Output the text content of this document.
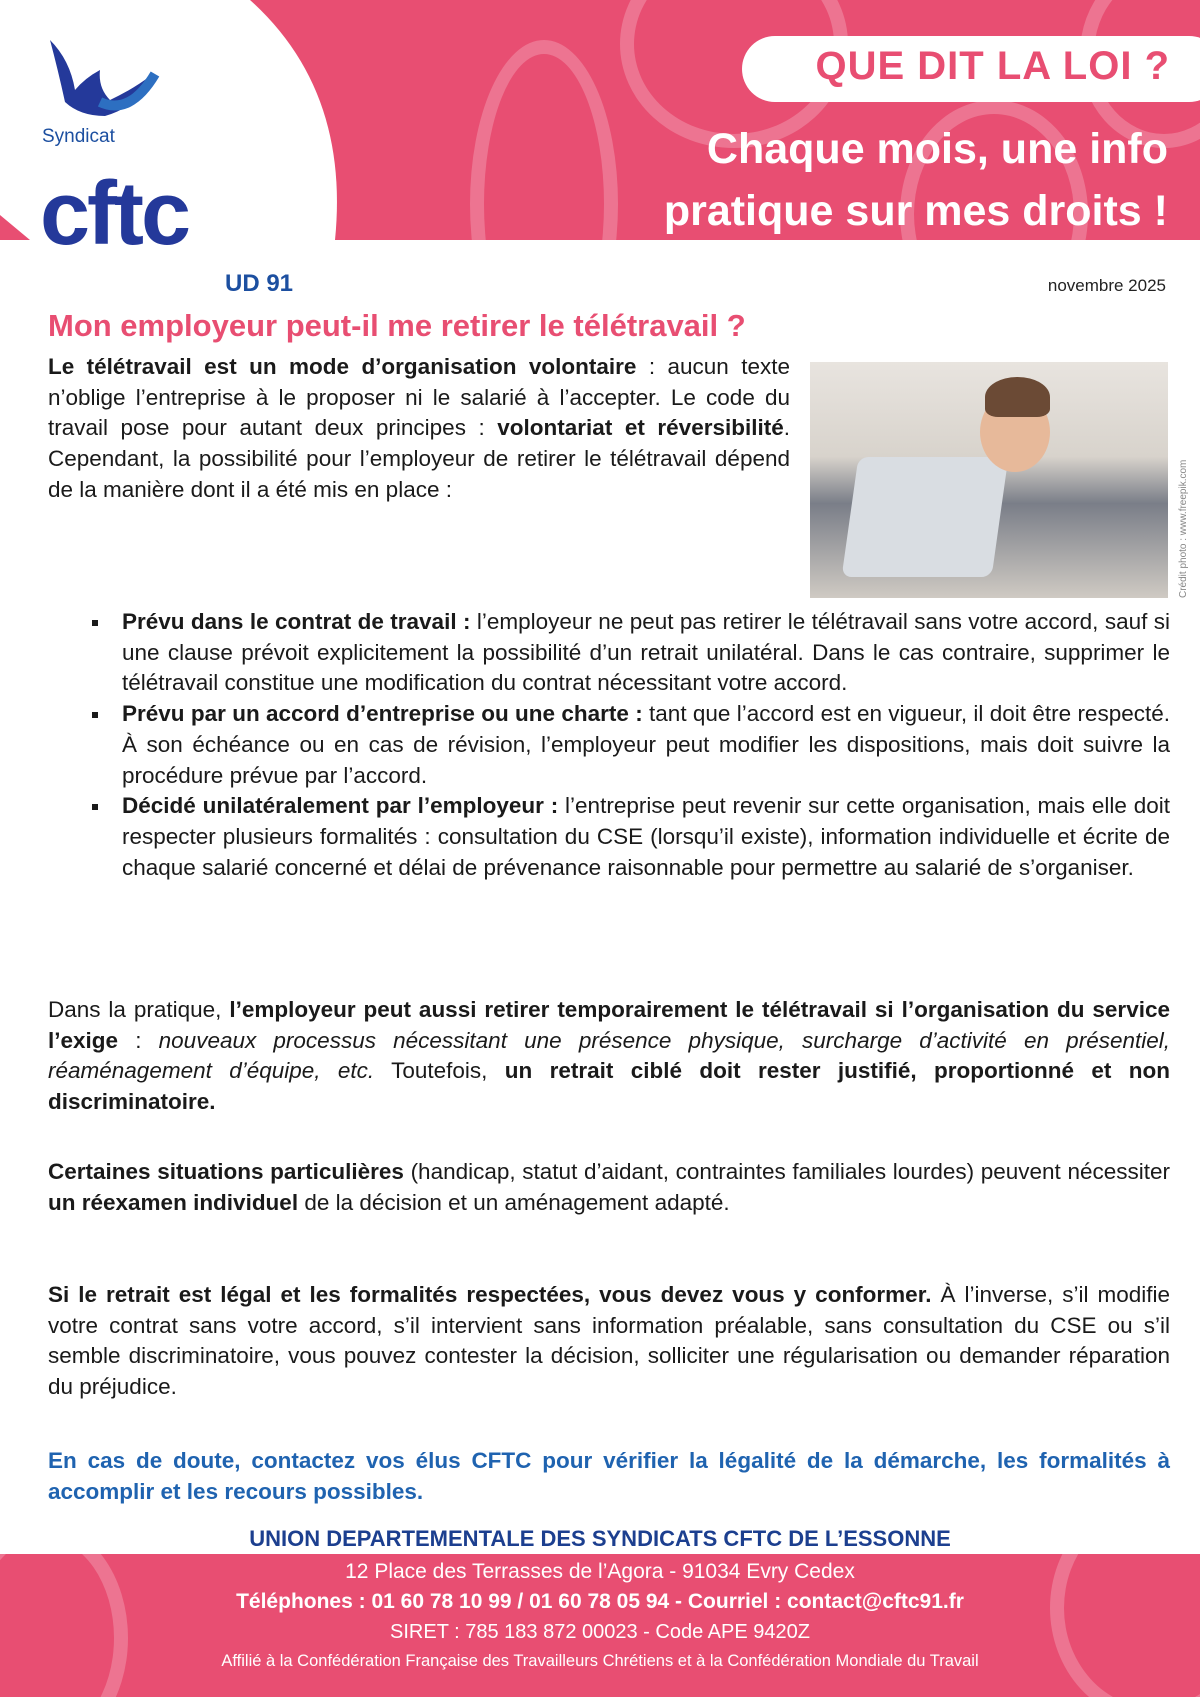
QUE DIT LA LOI ?
Chaque mois, une info
pratique sur mes droits !
Syndicat
cftc
UD 91	novembre 2025
Mon employeur peut-il me retirer le télétravail ?
Crédit photo : www.freepik.com
Le télétravail est un mode d’organisation volontaire : aucun texte n’oblige l’entreprise à le proposer ni le salarié à l’accepter. Le code du travail pose pour autant deux principes : volontariat et réversibilité. Cependant, la possibilité pour l’employeur de retirer le télétravail dépend de la manière dont il a été mis en place :
Prévu dans le contrat de travail : l’employeur ne peut pas retirer le télétravail sans votre accord, sauf si une clause prévoit explicitement la possibilité d’un retrait unilatéral. Dans le cas contraire, supprimer le télétravail constitue une modification du contrat nécessitant votre accord.
Prévu par un accord d’entreprise ou une charte : tant que l’accord est en vigueur, il doit être respecté. À son échéance ou en cas de révision, l’employeur peut modifier les dispositions, mais doit suivre la procédure prévue par l’accord.
Décidé unilatéralement par l’employeur : l’entreprise peut revenir sur cette organisation, mais elle doit respecter plusieurs formalités : consultation du CSE (lorsqu’il existe), information individuelle et écrite de chaque salarié concerné et délai de prévenance raisonnable pour permettre au salarié de s’organiser.
Dans la pratique, l’employeur peut aussi retirer temporairement le télétravail si l’organisation du service l’exige : nouveaux processus nécessitant une présence physique, surcharge d’activité en présentiel, réaménagement d’équipe, etc. Toutefois, un retrait ciblé doit rester justifié, proportionné et non discriminatoire.
Certaines situations particulières (handicap, statut d’aidant, contraintes familiales lourdes) peuvent nécessiter un réexamen individuel de la décision et un aménagement adapté.
Si le retrait est légal et les formalités respectées, vous devez vous y conformer. À l’inverse, s’il modifie votre contrat sans votre accord, s’il intervient sans information préalable, sans consultation du CSE ou s’il semble discriminatoire, vous pouvez contester la décision, solliciter une régularisation ou demander réparation du préjudice.
En cas de doute, contactez vos élus CFTC pour vérifier la légalité de la démarche, les formalités à accomplir et les recours possibles.
UNION DEPARTEMENTALE DES SYNDICATS CFTC DE L’ESSONNE
12 Place des Terrasses de l’Agora - 91034 Evry Cedex
Téléphones : 01 60 78 10 99 / 01 60 78 05 94 - Courriel : contact@cftc91.fr
SIRET : 785 183 872 00023 - Code APE 9420Z
Affilié à la Confédération Française des Travailleurs Chrétiens et à la Confédération Mondiale du Travail
